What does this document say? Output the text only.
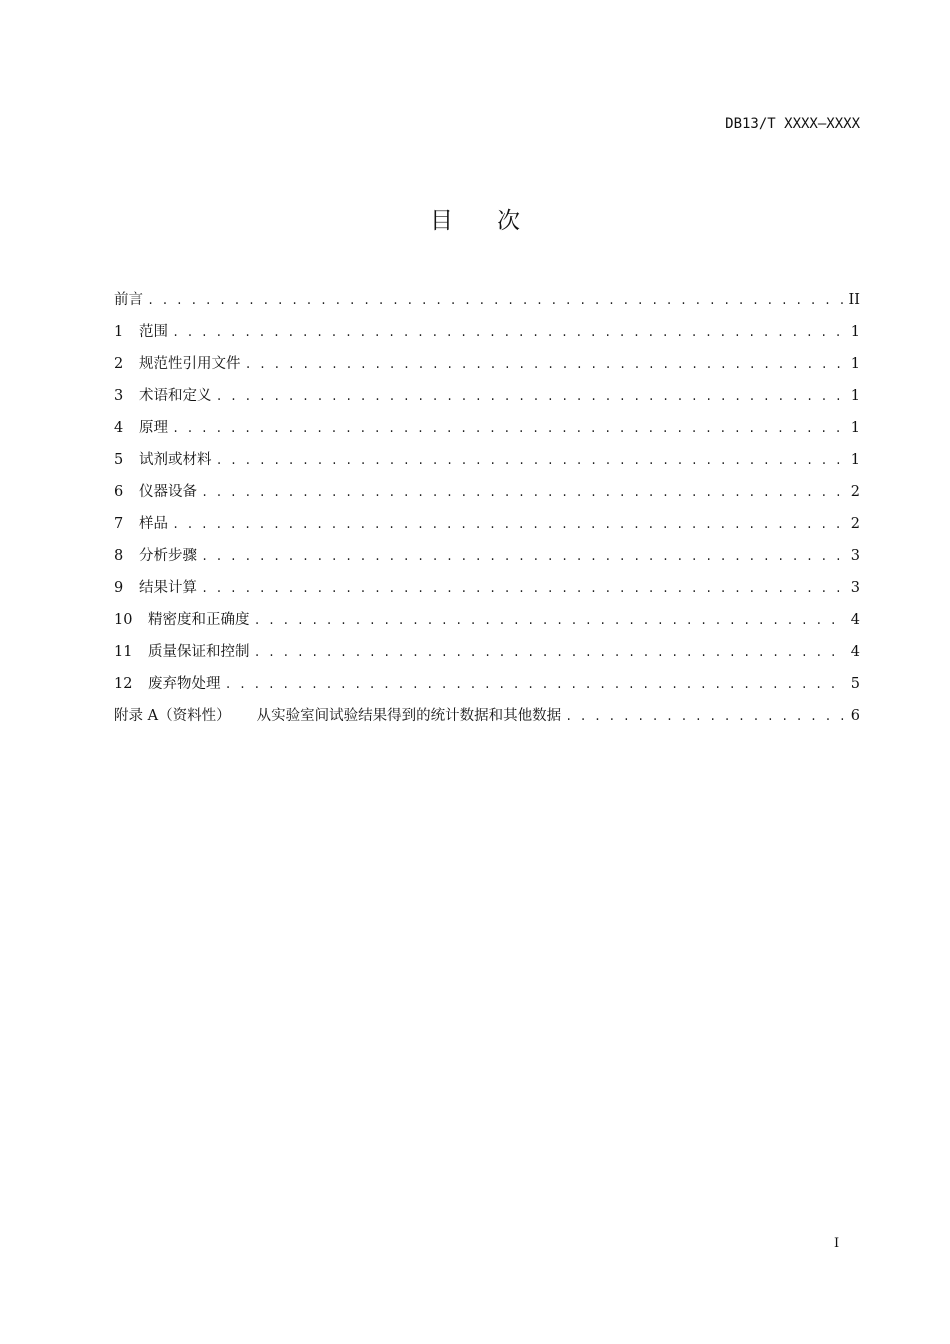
DB13/T XXXX—XXXX
目 次
前言 . . .	II
1	范围 . . .	1
2	规范性引用文件 . . .	1
3	术语和定义 . . .	1
4	原理 . . .	1
5	试剂或材料 . . .	1
6	仪器设备 . . .	2
7	样品 . . .	2
8	分析步骤 . . .	3
9	结果计算 . . .	3
10	精密度和正确度 . . .	4
11	质量保证和控制 . . .	4
12	废弃物处理 . . .	5
附录 A（资料性） 从实验室间试验结果得到的统计数据和其他数据 . . .	6
I
